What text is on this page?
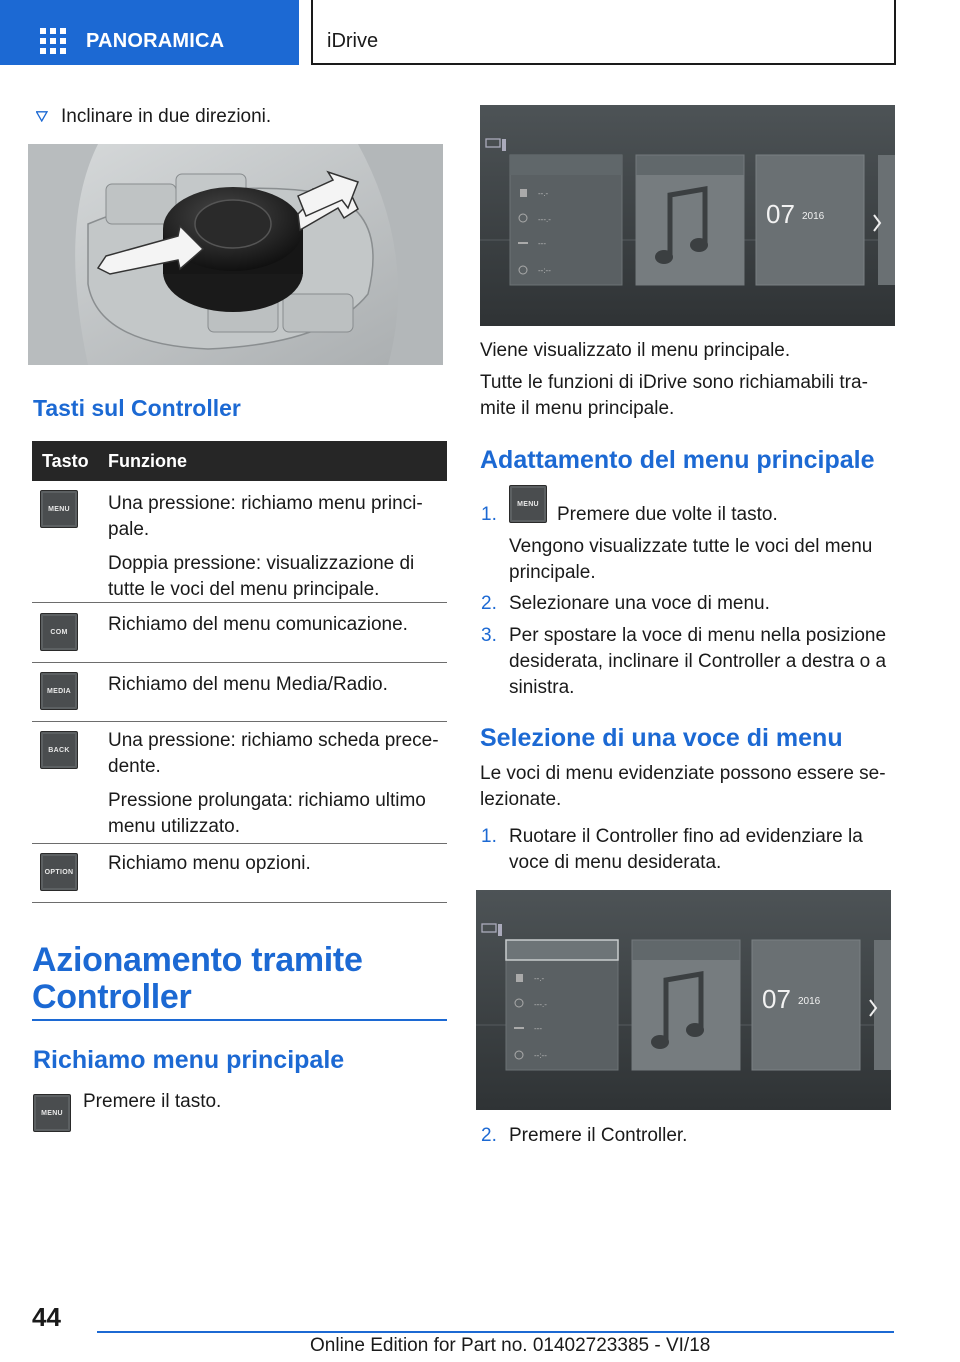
PANORAMICA	iDrive
Inclinare in due direzioni.
Tasti sul Controller
Tasto Funzione
MENU	Una pressione: richiamo menu princi-
pale.
Doppia pressione: visualizzazione di
tutte le voci del menu principale.
COM	Richiamo del menu comunicazione.
MEDIA	Richiamo del menu Media/Radio.
BACK	Una pressione: richiamo scheda prece-
dente.
Pressione prolungata: richiamo ultimo
menu utilizzato.
OPTION Richiamo menu opzioni.
Azionamento tramite
Controller
Richiamo menu principale
MENU
Premere il tasto.
07 2016
--.-
---.-
---
--:--
Viene visualizzato il menu principale.
Tutte le funzioni di iDrive sono richiamabili tra-
mite il menu principale.
Adattamento del menu principale
1.	MENU Premere due volte il tasto.
Vengono visualizzate tutte le voci del menu
principale.
2. Selezionare una voce di menu.
3. Per spostare la voce di menu nella posizione
desiderata, inclinare il Controller a destra o a
sinistra.
Selezione di una voce di menu
Le voci di menu evidenziate possono essere se-
lezionate.
1. Ruotare il Controller fino ad evidenziare la
voce di menu desiderata.
07 2016
--.-
---.-
---
--:--
2. Premere il Controller.
44
Online Edition for Part no. 01402723385 - VI/18
